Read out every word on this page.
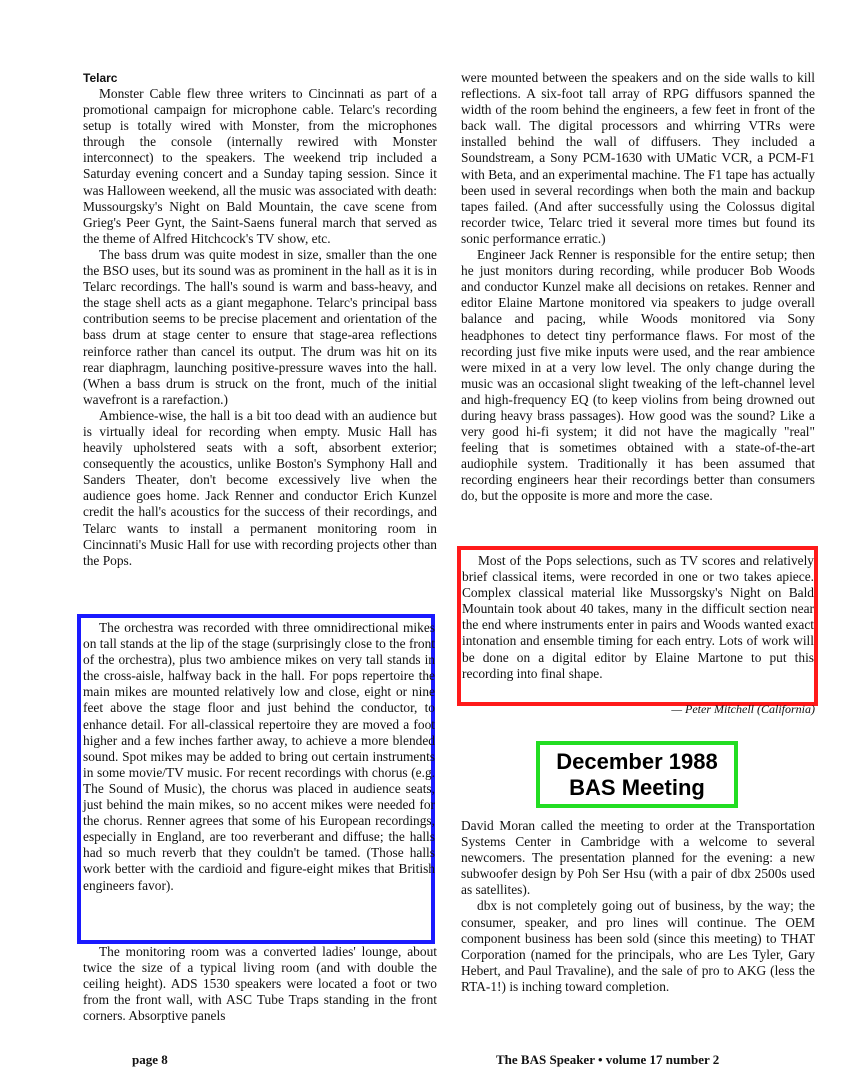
Telarc

Monster Cable flew three writers to Cincinnati as part of a promotional campaign for microphone cable. Telarc's recording setup is totally wired with Monster, from the microphones through the console (internally rewired with Monster interconnect) to the speakers. The weekend trip included a Saturday evening concert and a Sunday taping session. Since it was Halloween weekend, all the music was associated with death: Mussourgsky's Night on Bald Mountain, the cave scene from Grieg's Peer Gynt, the Saint-Saens funeral march that served as the theme of Alfred Hitchcock's TV show, etc.

The bass drum was quite modest in size, smaller than the one the BSO uses, but its sound was as prominent in the hall as it is in Telarc recordings. The hall's sound is warm and bass-heavy, and the stage shell acts as a giant megaphone. Telarc's principal bass contribution seems to be precise placement and orientation of the bass drum at stage center to ensure that stage-area reflections reinforce rather than cancel its output. The drum was hit on its rear diaphragm, launching positive-pressure waves into the hall. (When a bass drum is struck on the front, much of the initial wavefront is a rarefaction.)

Ambience-wise, the hall is a bit too dead with an audience but is virtually ideal for recording when empty. Music Hall has heavily upholstered seats with a soft, absorbent exterior; consequently the acoustics, unlike Boston's Symphony Hall and Sanders Theater, don't become excessively live when the audience goes home. Jack Renner and conductor Erich Kunzel credit the hall's acoustics for the success of their recordings, and Telarc wants to install a permanent monitoring room in Cincinnati's Music Hall for use with recording projects other than the Pops.

The orchestra was recorded with three omnidirectional mikes on tall stands at the lip of the stage (surprisingly close to the front of the orchestra), plus two ambience mikes on very tall stands in the cross-aisle, halfway back in the hall. For pops repertoire the main mikes are mounted relatively low and close, eight or nine feet above the stage floor and just behind the conductor, to enhance detail. For all-classical repertoire they are moved a foot higher and a few inches farther away, to achieve a more blended sound. Spot mikes may be added to bring out certain instruments in some movie/TV music. For recent recordings with chorus (e.g. The Sound of Music), the chorus was placed in audience seats, just behind the main mikes, so no accent mikes were needed for the chorus. Renner agrees that some of his European recordings, especially in England, are too reverberant and diffuse; the halls had so much reverb that they couldn't be tamed. (Those halls work better with the cardioid and figure-eight mikes that British engineers favor).

The monitoring room was a converted ladies' lounge, about twice the size of a typical living room (and with double the ceiling height). ADS 1530 speakers were located a foot or two from the front wall, with ASC Tube Traps standing in the front corners. Absorptive panels

were mounted between the speakers and on the side walls to kill reflections. A six-foot tall array of RPG diffusors spanned the width of the room behind the engineers, a few feet in front of the back wall. The digital processors and whirring VTRs were installed behind the wall of diffusers. They included a Soundstream, a Sony PCM-1630 with UMatic VCR, a PCM-F1 with Beta, and an experimental machine. The F1 tape has actually been used in several recordings when both the main and backup tapes failed. (And after successfully using the Colossus digital recorder twice, Telarc tried it several more times but found its sonic performance erratic.)

Engineer Jack Renner is responsible for the entire setup; then he just monitors during recording, while producer Bob Woods and conductor Kunzel make all decisions on retakes. Renner and editor Elaine Martone monitored via speakers to judge overall balance and pacing, while Woods monitored via Sony headphones to detect tiny performance flaws. For most of the recording just five mike inputs were used, and the rear ambience were mixed in at a very low level. The only change during the music was an occasional slight tweaking of the left-channel level and high-frequency EQ (to keep violins from being drowned out during heavy brass passages). How good was the sound? Like a very good hi-fi system; it did not have the magically "real" feeling that is sometimes obtained with a state-of-the-art audiophile system. Traditionally it has been assumed that recording engineers hear their recordings better than consumers do, but the opposite is more and more the case.

Most of the Pops selections, such as TV scores and relatively brief classical items, were recorded in one or two takes apiece. Complex classical material like Mussorgsky's Night on Bald Mountain took about 40 takes, many in the difficult section near the end where instruments enter in pairs and Woods wanted exact intonation and ensemble timing for each entry. Lots of work will be done on a digital editor by Elaine Martone to put this recording into final shape.

— Peter Mitchell (California)
December 1988
BAS Meeting

David Moran called the meeting to order at the Transportation Systems Center in Cambridge with a welcome to several newcomers. The presentation planned for the evening: a new subwoofer design by Poh Ser Hsu (with a pair of dbx 2500s used as satellites).

dbx is not completely going out of business, by the way; the consumer, speaker, and pro lines will continue. The OEM component business has been sold (since this meeting) to THAT Corporation (named for the principals, who are Les Tyler, Gary Hebert, and Paul Travaline), and the sale of pro to AKG (less the RTA-1!) is inching toward completion.

page 8	The BAS Speaker • volume 17 number 2
